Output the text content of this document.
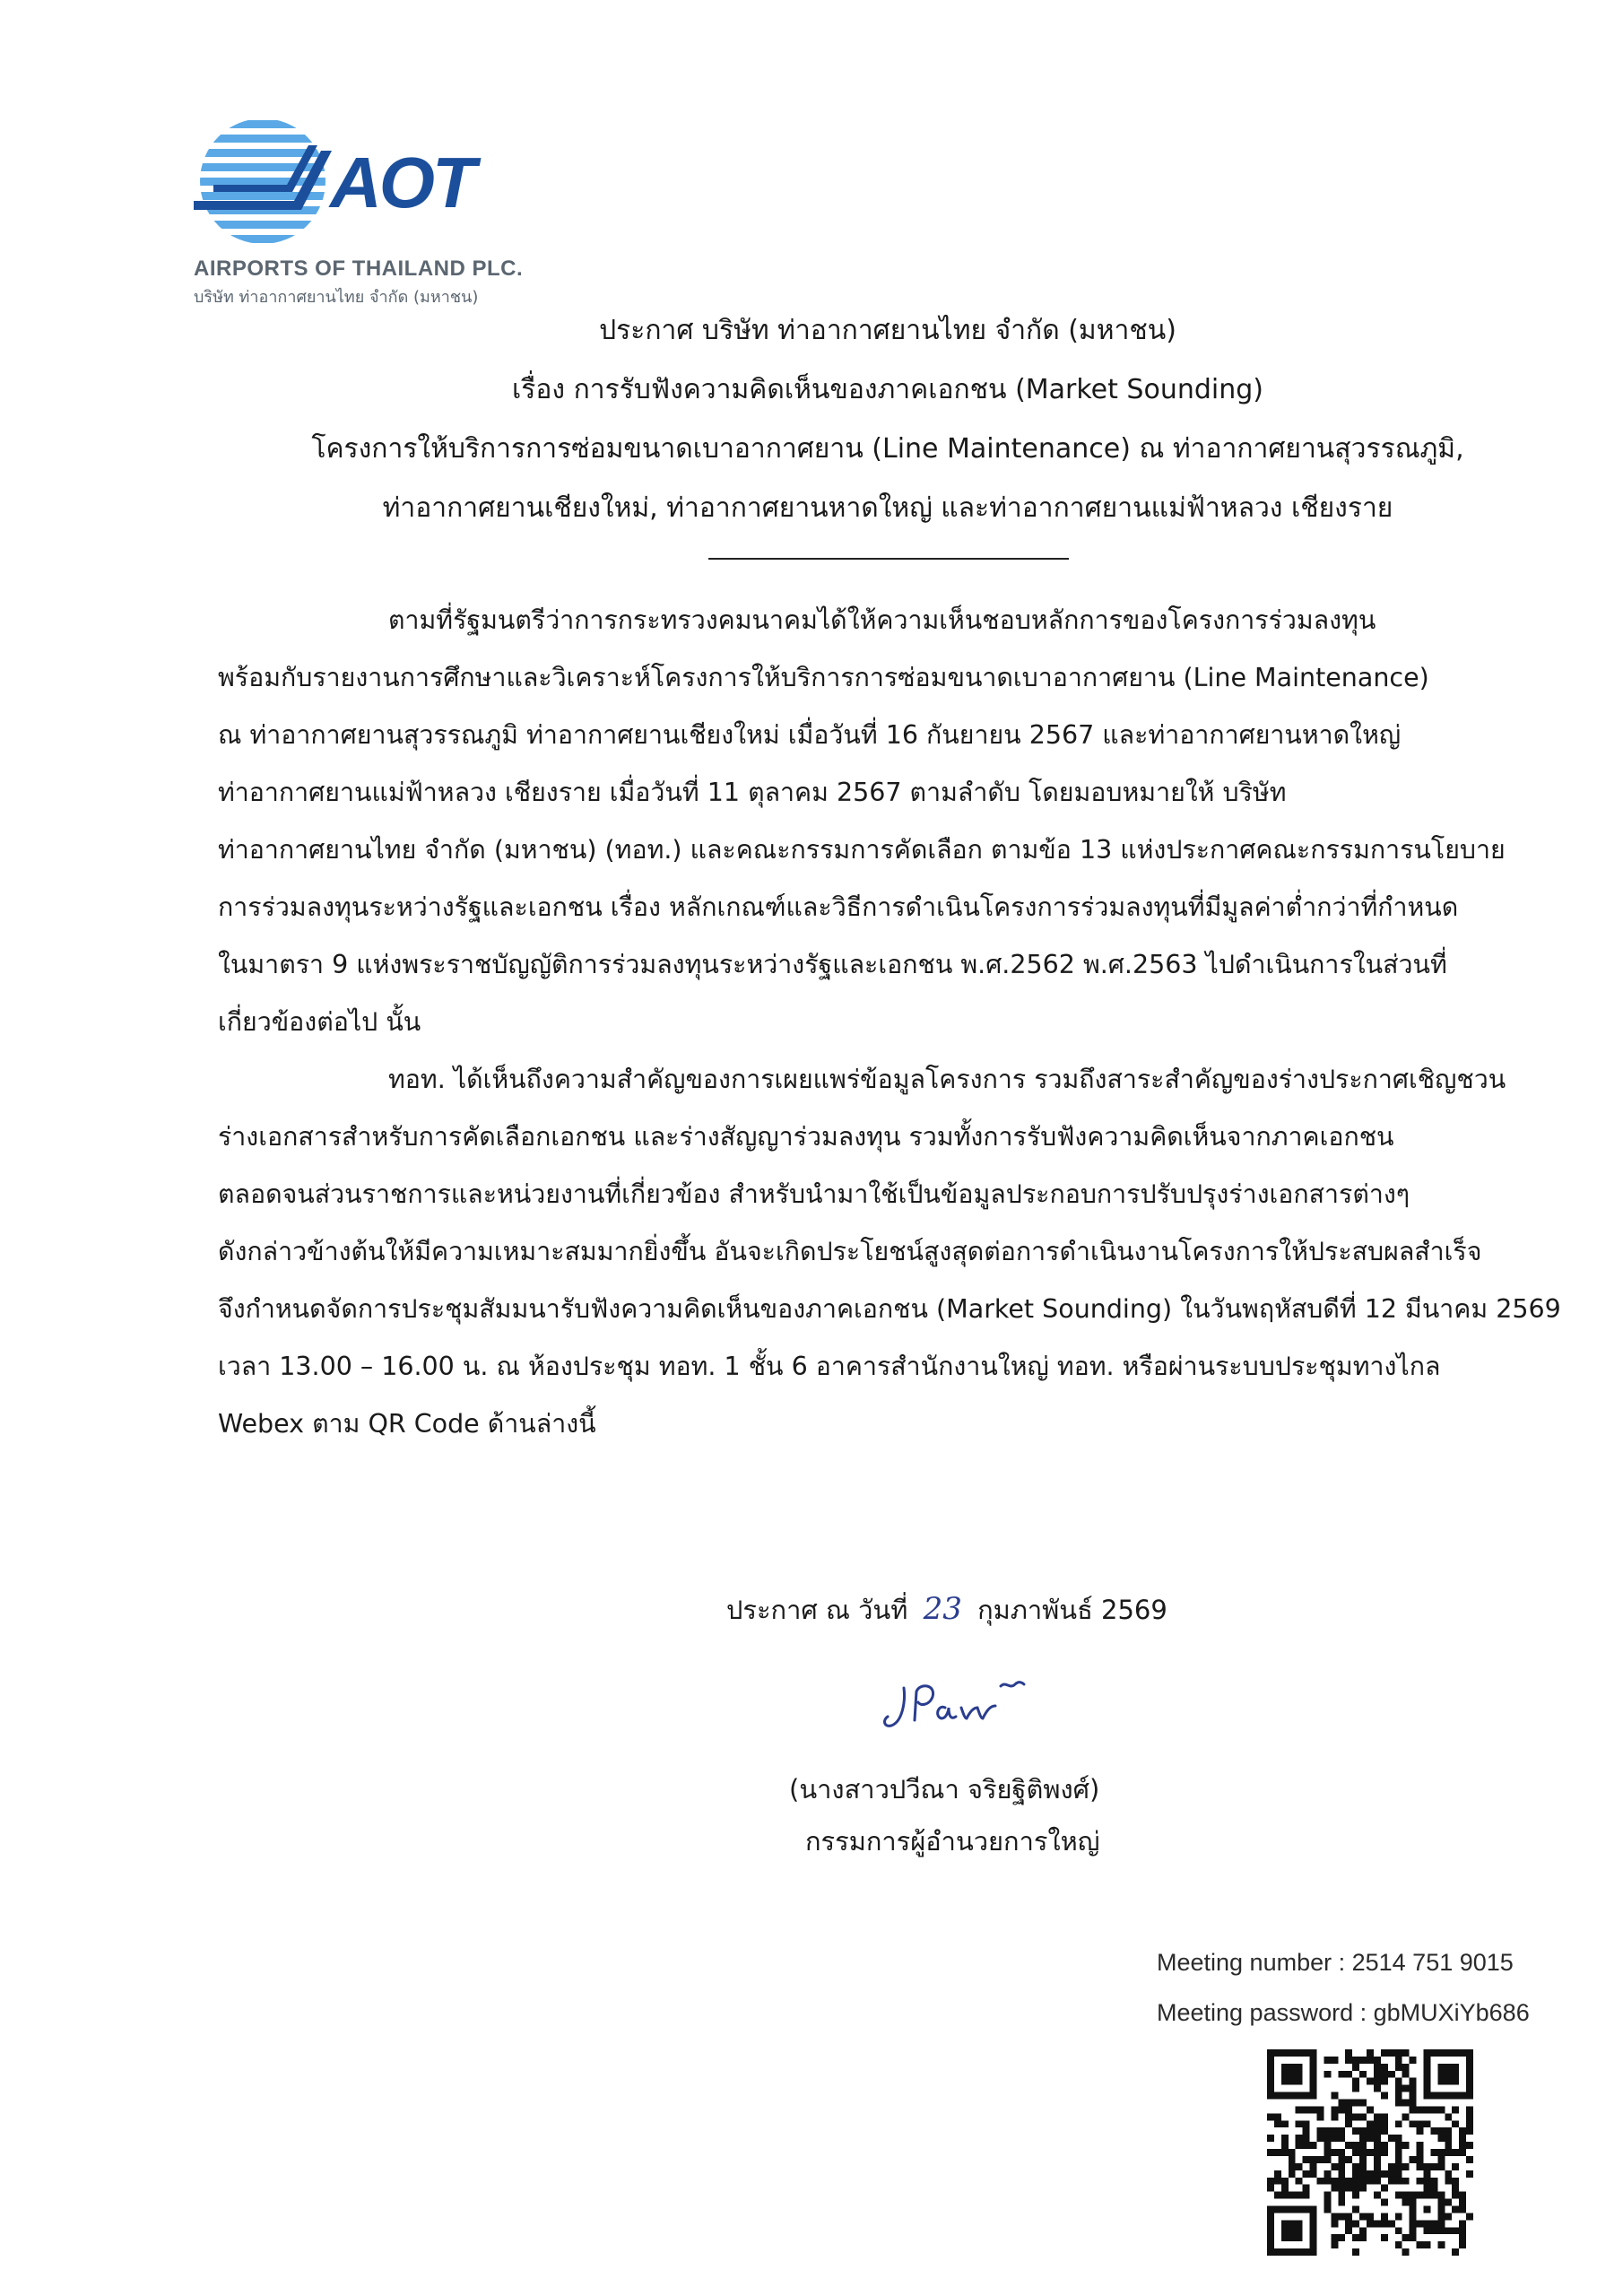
AOT
AIRPORTS OF THAILAND PLC.
บริษัท ท่าอากาศยานไทย จำกัด (มหาชน)
ประกาศ บริษัท ท่าอากาศยานไทย จำกัด (มหาชน)
เรื่อง การรับฟังความคิดเห็นของภาคเอกชน (Market Sounding)
โครงการให้บริการการซ่อมขนาดเบาอากาศยาน (Line Maintenance) ณ ท่าอากาศยานสุวรรณภูมิ,
ท่าอากาศยานเชียงใหม่, ท่าอากาศยานหาดใหญ่ และท่าอากาศยานแม่ฟ้าหลวง เชียงราย
ตามที่รัฐมนตรีว่าการกระทรวงคมนาคมได้ให้ความเห็นชอบหลักการของโครงการร่วมลงทุน
พร้อมกับรายงานการศึกษาและวิเคราะห์โครงการให้บริการการซ่อมขนาดเบาอากาศยาน (Line Maintenance)
ณ ท่าอากาศยานสุวรรณภูมิ ท่าอากาศยานเชียงใหม่ เมื่อวันที่ 16 กันยายน 2567 และท่าอากาศยานหาดใหญ่
ท่าอากาศยานแม่ฟ้าหลวง เชียงราย เมื่อวันที่ 11 ตุลาคม 2567 ตามลำดับ โดยมอบหมายให้ บริษัท
ท่าอากาศยานไทย จำกัด (มหาชน) (ทอท.) และคณะกรรมการคัดเลือก ตามข้อ 13 แห่งประกาศคณะกรรมการนโยบาย
การร่วมลงทุนระหว่างรัฐและเอกชน เรื่อง หลักเกณฑ์และวิธีการดำเนินโครงการร่วมลงทุนที่มีมูลค่าต่ำกว่าที่กำหนด
ในมาตรา 9 แห่งพระราชบัญญัติการร่วมลงทุนระหว่างรัฐและเอกชน พ.ศ.2562 พ.ศ.2563 ไปดำเนินการในส่วนที่
เกี่ยวข้องต่อไป นั้น
ทอท. ได้เห็นถึงความสำคัญของการเผยแพร่ข้อมูลโครงการ รวมถึงสาระสำคัญของร่างประกาศเชิญชวน
ร่างเอกสารสำหรับการคัดเลือกเอกชน และร่างสัญญาร่วมลงทุน รวมทั้งการรับฟังความคิดเห็นจากภาคเอกชน
ตลอดจนส่วนราชการและหน่วยงานที่เกี่ยวข้อง สำหรับนำมาใช้เป็นข้อมูลประกอบการปรับปรุงร่างเอกสารต่างๆ
ดังกล่าวข้างต้นให้มีความเหมาะสมมากยิ่งขึ้น อันจะเกิดประโยชน์สูงสุดต่อการดำเนินงานโครงการให้ประสบผลสำเร็จ
จึงกำหนดจัดการประชุมสัมมนารับฟังความคิดเห็นของภาคเอกชน (Market Sounding) ในวันพฤหัสบดีที่ 12 มีนาคม 2569
เวลา 13.00 – 16.00 น. ณ ห้องประชุม ทอท. 1 ชั้น 6 อาคารสำนักงานใหญ่ ทอท. หรือผ่านระบบประชุมทางไกล
Webex ตาม QR Code ด้านล่างนี้
ประกาศ ณ วันที่ 23 กุมภาพันธ์ 2569
(นางสาวปวีณา จริยฐิติพงศ์)
กรรมการผู้อำนวยการใหญ่
Meeting number : 2514 751 9015
Meeting password : gbMUXiYb686
